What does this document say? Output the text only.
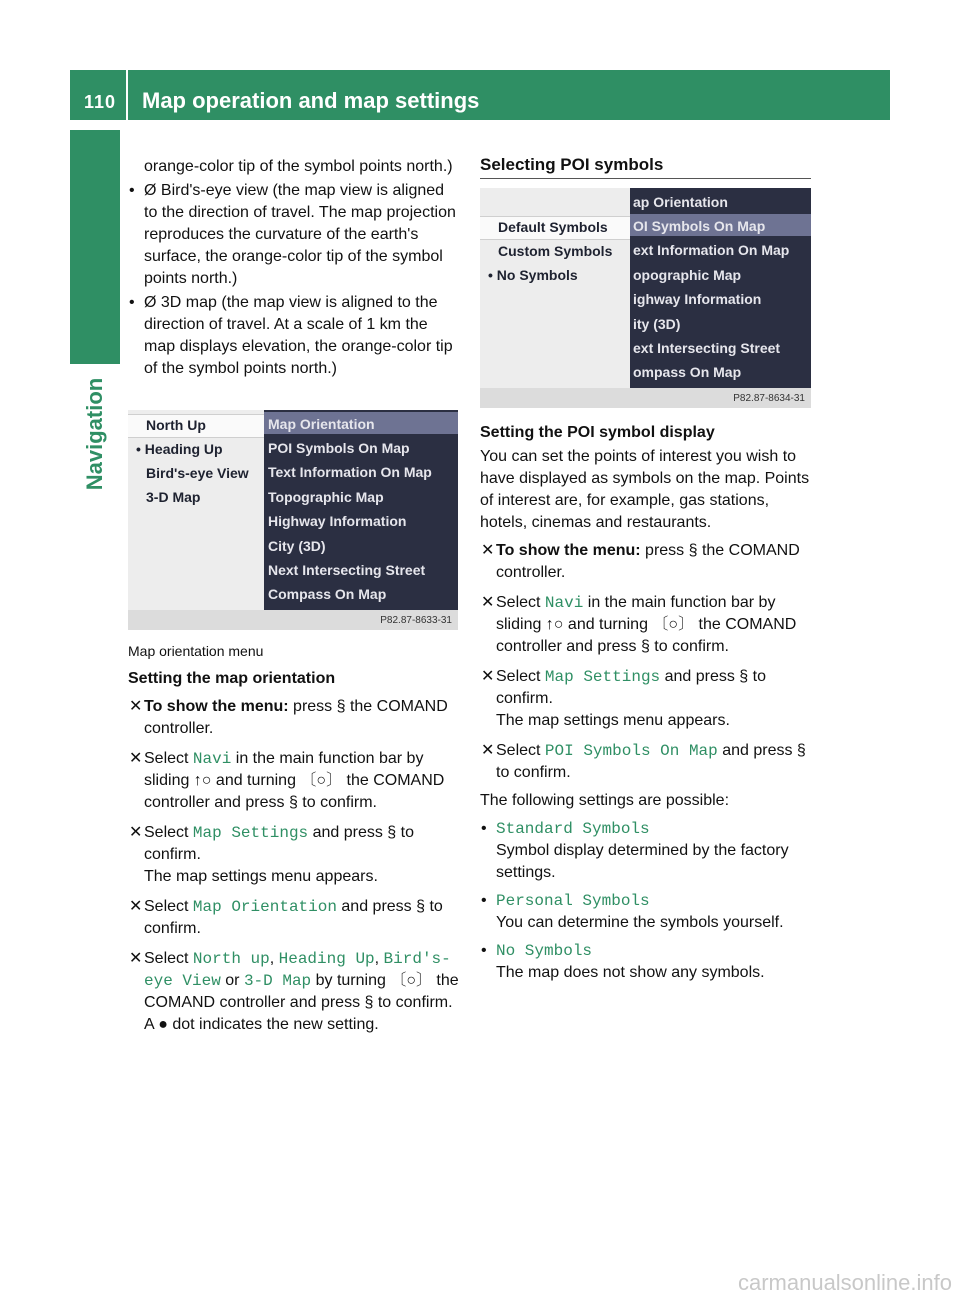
110 Map operation and map settings
Navigation

orange-color tip of the symbol points north.)

• Ø Bird's-eye view (the map view is aligned to the direction of travel. The map projection reproduces the curvature of the earth's surface, the orange-color tip of the symbol points north.)

• Ø 3D map (the map view is aligned to the direction of travel. At a scale of 1 km the map displays elevation, the orange-color tip of the symbol points north.)

North Up
• Heading Up
Bird's-eye View
3-D Map
Map Orientation
POI Symbols On Map
Text Information On Map
Topographic Map
Highway Information
City (3D)
Next Intersecting Street
Compass On Map
P82.87-8633-31

Map orientation menu

Setting the map orientation

✕ To show the menu: press § the COMAND controller.

✕ Select Navi in the main function bar by sliding ↑○ and turning 〔○〕 the COMAND controller and press § to confirm.

✕ Select Map Settings and press § to confirm.
The map settings menu appears.

✕ Select Map Orientation and press § to confirm.

✕ Select North up, Heading Up, Bird's-eye View or 3-D Map by turning 〔○〕 the COMAND controller and press § to confirm.
A ● dot indicates the new setting.

Selecting POI symbols

Default Symbols
Custom Symbols
• No Symbols
ap Orientation
OI Symbols On Map
ext Information On Map
opographic Map
ighway Information
ity (3D)
ext Intersecting Street
ompass On Map
P82.87-8634-31

Setting the POI symbol display

You can set the points of interest you wish to have displayed as symbols on the map. Points of interest are, for example, gas stations, hotels, cinemas and restaurants.

✕ To show the menu: press § the COMAND controller.

✕ Select Navi in the main function bar by sliding ↑○ and turning 〔○〕 the COMAND controller and press § to confirm.

✕ Select Map Settings and press § to confirm.
The map settings menu appears.

✕ Select POI Symbols On Map and press § to confirm.

The following settings are possible:

• Standard Symbols
Symbol display determined by the factory settings.

• Personal Symbols
You can determine the symbols yourself.

• No Symbols
The map does not show any symbols.

carmanualsonline.info
